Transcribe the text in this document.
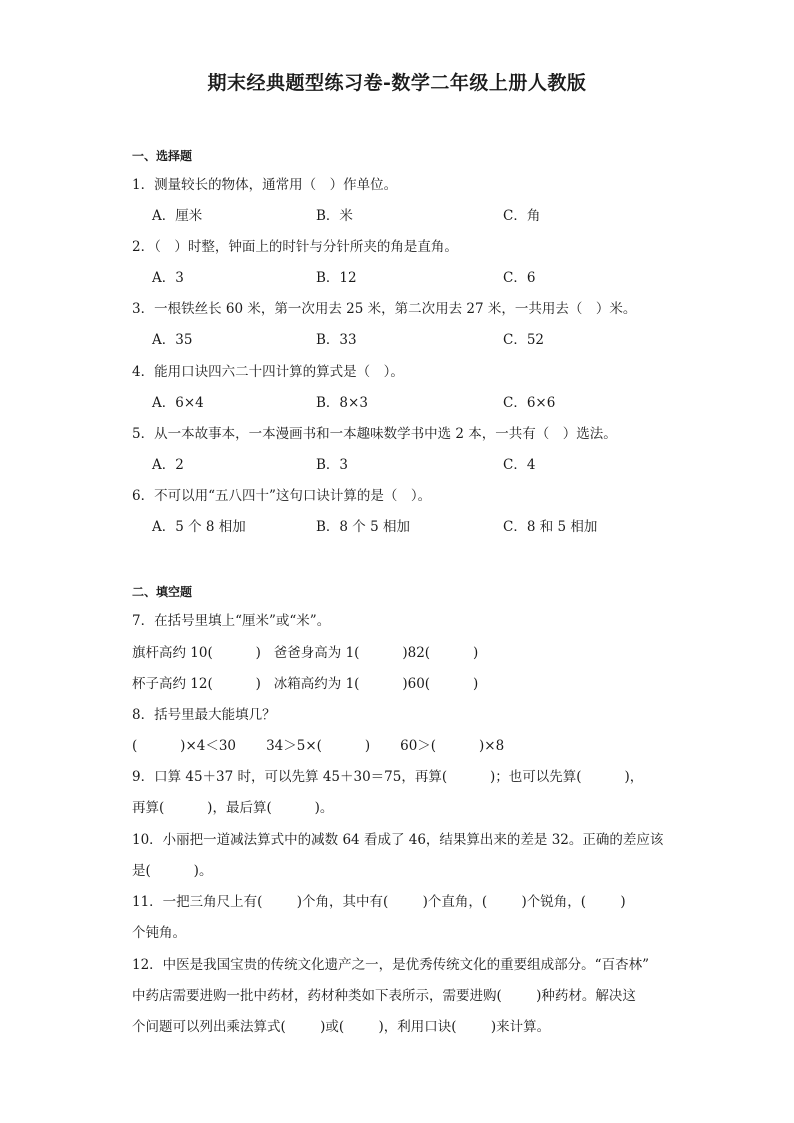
期末经典题型练习卷-数学二年级上册人教版
一、选择题
1．测量较长的物体，通常用（　）作单位。
A．厘米	B．米	C．角
2．（　）时整，钟面上的时针与分针所夹的角是直角。
A．3	B．12	C．6
3．一根铁丝长 60 米，第一次用去 25 米，第二次用去 27 米，一共用去（　）米。
A．35	B．33	C．52
4．能用口诀四六二十四计算的算式是（　）。
A．6×4	B．8×3	C．6×6
5．从一本故事本，一本漫画书和一本趣味数学书中选 2 本，一共有（　）选法。
A．2	B．3	C．4
6．不可以用“五八四十”这句口诀计算的是（　）。
A．5 个 8 相加	B．8 个 5 相加	C．8 和 5 相加
二、填空题
7．在括号里填上“厘米”或“米”。
旗杆高约 10(          )   爸爸身高为 1(          )82(          )
杯子高约 12(          )   冰箱高约为 1(          )60(          )
8．括号里最大能填几？
(          )×4＜30       34＞5×(          )       60＞(          )×8
9．口算 45＋37 时，可以先算 45＋30＝75，再算(          )；也可以先算(          )，
再算(          )，最后算(          )。
10．小丽把一道减法算式中的减数 64 看成了 46，结果算出来的差是 32。正确的差应该
是(          )。
11．一把三角尺上有(        )个角，其中有(        )个直角，(        )个锐角，(        )
个钝角。
12．中医是我国宝贵的传统文化遗产之一，是优秀传统文化的重要组成部分。“百杏林”
中药店需要进购一批中药材，药材种类如下表所示，需要进购(        )种药材。解决这
个问题可以列出乘法算式(        )或(        )，利用口诀(        )来计算。
